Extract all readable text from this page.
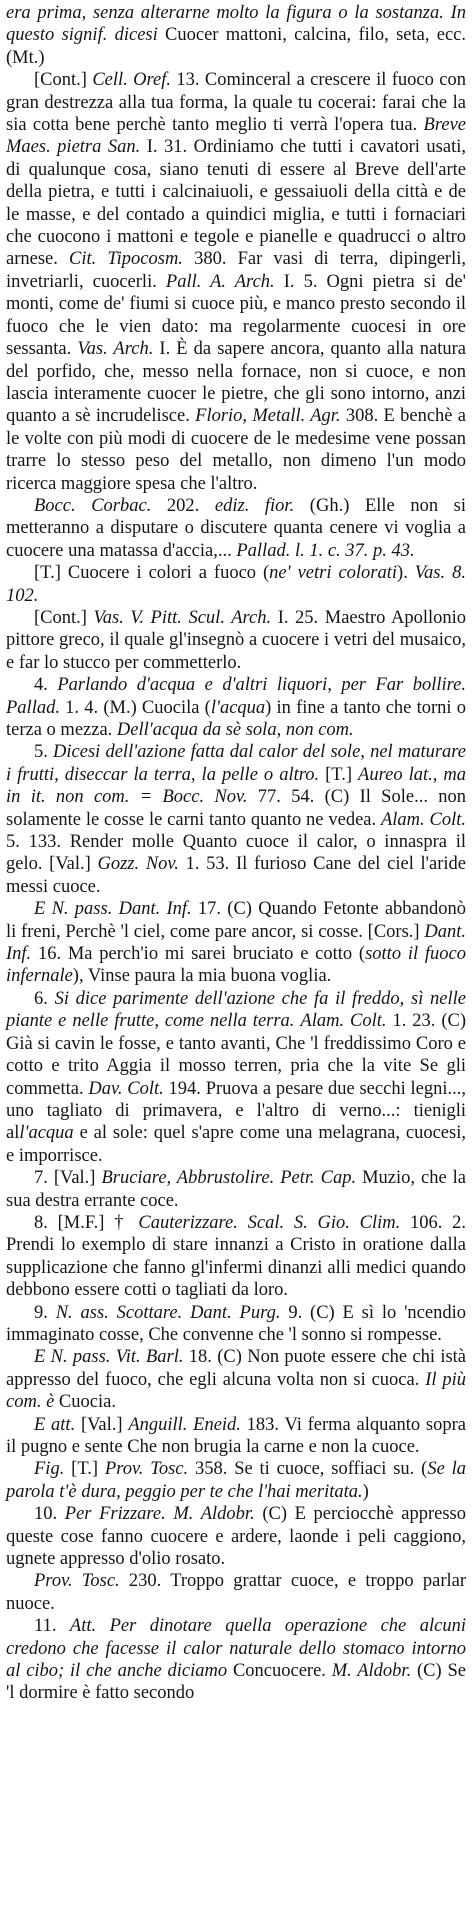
era prima, senza alterarne molto la figura o la sostanza. In questo signif. dicesi Cuocer mattoni, calcina, filo, seta, ecc. (Mt.)

[Cont.] Cell. Oref. 13. Cominceral a crescere il fuoco con gran destrezza alla tua forma, la quale tu cocerai: farai che la sia cotta bene perchè tanto meglio ti verrà l'opera tua. Breve Maes. pietra San. I. 31. Ordiniamo che tutti i cavatori usati, di qualunque cosa, siano tenuti di essere al Breve dell'arte della pietra, e tutti i calcinaiuoli, e gessaiuoli della città e de le masse, e del contado a quindici miglia, e tutti i fornaciari che cuocono i mattoni e tegole e pianelle e quadrucci o altro arnese. Cit. Tipocosm. 380. Far vasi di terra, dipingerli, invetriarli, cuocerli. Pall. A. Arch. I. 5. Ogni pietra si de' monti, come de' fiumi si cuoce più, e manco presto secondo il fuoco che le vien dato: ma regolarmente cuocesi in ore sessanta. Vas. Arch. I. È da sapere ancora, quanto alla natura del porfido, che, messo nella fornace, non si cuoce, e non lascia interamente cuocer le pietre, che gli sono intorno, anzi quanto a sè incrudelisce. Florio, Metall. Agr. 308. E benchè a le volte con più modi di cuocere de le medesime vene possan trarre lo stesso peso del metallo, non dimeno l'un modo ricerca maggiore spesa che l'altro.

Bocc. Corbac. 202. ediz. fior. (Gh.) Elle non si metteranno a disputare o discutere quanta cenere vi voglia a cuocere una matassa d'accia,... Pallad. l. 1. c. 37. p. 43.

[T.] Cuocere i colori a fuoco (ne' vetri colorati). Vas. 8. 102.

[Cont.] Vas. V. Pitt. Scul. Arch. I. 25. Maestro Apollonio pittore greco, il quale gl'insegnò a cuocere i vetri del musaico, e far lo stucco per commetterlo.

4. Parlando d'acqua e d'altri liquori, per Far bollire. Pallad. 1. 4. (M.) Cuocila (l'acqua) in fine a tanto che torni o terza o mezza. Dell'acqua da sè sola, non com.

5. Dicesi dell'azione fatta dal calor del sole, nel maturare i frutti, diseccar la terra, la pelle o altro. [T.] Aureo lat., ma in it. non com. = Bocc. Nov. 77. 54. (C) Il Sole... non solamente le cosse le carni tanto quanto ne vedea. Alam. Colt. 5. 133. Render molle Quanto cuoce il calor, o innaspra il gelo. [Val.] Gozz. Nov. 1. 53. Il furioso Cane del ciel l'aride messi cuoce.

E N. pass. Dant. Inf. 17. (C) Quando Fetonte abbandonò li freni, Perchè 'l ciel, come pare ancor, si cosse. [Cors.] Dant. Inf. 16. Ma perch'io mi sarei bruciato e cotto (sotto il fuoco infernale), Vinse paura la mia buona voglia.

6. Si dice parimente dell'azione che fa il freddo, sì nelle piante e nelle frutte, come nella terra. Alam. Colt. 1. 23. (C) Già si cavin le fosse, e tanto avanti, Che 'l freddissimo Coro e cotto e trito Aggia il mosso terren, pria che la vite Se gli commetta. Dav. Colt. 194. Pruova a pesare due secchi legni..., uno tagliato di primavera, e l'altro di verno...: tienigli all'acqua e al sole: quel s'apre come una melagrana, cuocesi, e imporrisce.

7. [Val.] Bruciare, Abbrustolire. Petr. Cap. Muzio, che la sua destra errante coce.

8. [M.F.] † Cauterizzare. Scal. S. Gio. Clim. 106. 2. Prendi lo exemplo di stare innanzi a Cristo in oratione dalla supplicazione che fanno gl'infermi dinanzi alli medici quando debbono essere cotti o tagliati da loro.

9. N. ass. Scottare. Dant. Purg. 9. (C) E sì lo 'ncendio immaginato cosse, Che convenne che 'l sonno si rompesse.

E N. pass. Vit. Barl. 18. (C) Non puote essere che chi istà appresso del fuoco, che egli alcuna volta non si cuoca. Il più com. è Cuocia.

E att. [Val.] Anguill. Eneid. 183. Vi ferma alquanto sopra il pugno e sente Che non brugia la carne e non la cuoce.

Fig. [T.] Prov. Tosc. 358. Se ti cuoce, soffiaci su. (Se la parola t'è dura, peggio per te che l'hai meritata.)

10. Per Frizzare. M. Aldobr. (C) E perciocchè appresso queste cose fanno cuocere e ardere, laonde i peli caggiono, ugnete appresso d'olio rosato.

Prov. Tosc. 230. Troppo grattar cuoce, e troppo parlar nuoce.

11. Att. Per dinotare quella operazione che alcuni credono che facesse il calor naturale dello stomaco intorno al cibo; il che anche diciamo Concuocere. M. Aldobr. (C) Se 'l dormire è fatto secondo
